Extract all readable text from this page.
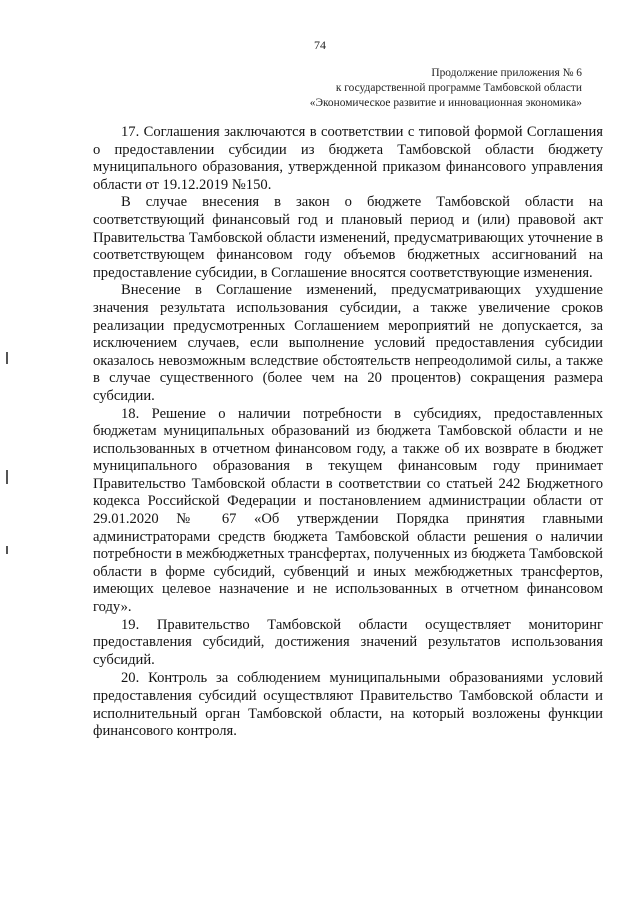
74
Продолжение приложения № 6
к государственной программе Тамбовской области
«Экономическое развитие и инновационная экономика»

17. Соглашения заключаются в соответствии с типовой формой Соглашения о предоставлении субсидии из бюджета Тамбовской области бюджету муниципального образования, утвержденной приказом финансового управления области от 19.12.2019 №150.

В случае внесения в закон о бюджете Тамбовской области на соответствующий финансовый год и плановый период и (или) правовой акт Правительства Тамбовской области изменений, предусматривающих уточнение в соответствующем финансовом году объемов бюджетных ассигнований на предоставление субсидии, в Соглашение вносятся соответствующие изменения.

Внесение в Соглашение изменений, предусматривающих ухудшение значения результата использования субсидии, а также увеличение сроков реализации предусмотренных Соглашением мероприятий не допускается, за исключением случаев, если выполнение условий предоставления субсидии оказалось невозможным вследствие обстоятельств непреодолимой силы, а также в случае существенного (более чем на 20 процентов) сокращения размера субсидии.

18. Решение о наличии потребности в субсидиях, предоставленных бюджетам муниципальных образований из бюджета Тамбовской области и не использованных в отчетном финансовом году, а также об их возврате в бюджет муниципального образования в текущем финансовым году принимает Правительство Тамбовской области в соответствии со статьей 242 Бюджетного кодекса Российской Федерации и постановлением администрации области от 29.01.2020 № 67 «Об утверждении Порядка принятия главными администраторами средств бюджета Тамбовской области решения о наличии потребности в межбюджетных трансфертах, полученных из бюджета Тамбовской области в форме субсидий, субвенций и иных межбюджетных трансфертов, имеющих целевое назначение и не использованных в отчетном финансовом году».

19. Правительство Тамбовской области осуществляет мониторинг предоставления субсидий, достижения значений результатов использования субсидий.

20. Контроль за соблюдением муниципальными образованиями условий предоставления субсидий осуществляют Правительство Тамбовской области и исполнительный орган Тамбовской области, на который возложены функции финансового контроля.
